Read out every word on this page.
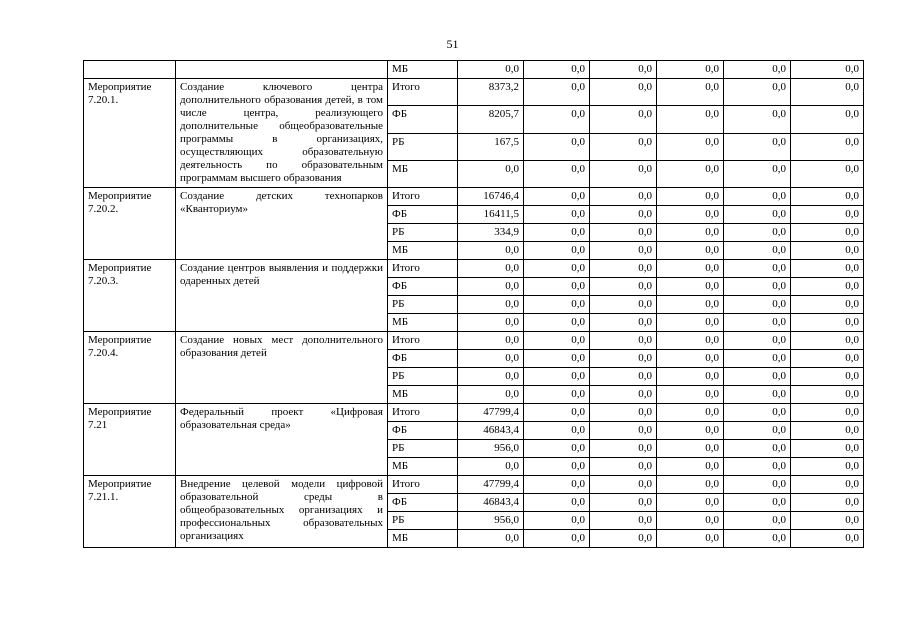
51
		МБ	0,0	0,0	0,0	0,0	0,0	0,0
Мероприятие 7.20.1.	Создание ключевого центра дополнительного образования детей, в том числе центра, реализующего дополнительные общеобразовательные программы в организациях, осуществляющих образовательную деятельность по образовательным программам высшего образования	Итого	8373,2	0,0	0,0	0,0	0,0	0,0
		ФБ	8205,7	0,0	0,0	0,0	0,0	0,0
		РБ	167,5	0,0	0,0	0,0	0,0	0,0
		МБ	0,0	0,0	0,0	0,0	0,0	0,0
Мероприятие 7.20.2.	Создание детских технопарков «Кванториум»	Итого	16746,4	0,0	0,0	0,0	0,0	0,0
		ФБ	16411,5	0,0	0,0	0,0	0,0	0,0
		РБ	334,9	0,0	0,0	0,0	0,0	0,0
		МБ	0,0	0,0	0,0	0,0	0,0	0,0
Мероприятие 7.20.3.	Создание центров выявления и поддержки одаренных детей	Итого	0,0	0,0	0,0	0,0	0,0	0,0
		ФБ	0,0	0,0	0,0	0,0	0,0	0,0
		РБ	0,0	0,0	0,0	0,0	0,0	0,0
		МБ	0,0	0,0	0,0	0,0	0,0	0,0
Мероприятие 7.20.4.	Создание новых мест дополнительного образования детей	Итого	0,0	0,0	0,0	0,0	0,0	0,0
		ФБ	0,0	0,0	0,0	0,0	0,0	0,0
		РБ	0,0	0,0	0,0	0,0	0,0	0,0
		МБ	0,0	0,0	0,0	0,0	0,0	0,0
Мероприятие 7.21	Федеральный проект «Цифровая образовательная среда»	Итого	47799,4	0,0	0,0	0,0	0,0	0,0
		ФБ	46843,4	0,0	0,0	0,0	0,0	0,0
		РБ	956,0	0,0	0,0	0,0	0,0	0,0
		МБ	0,0	0,0	0,0	0,0	0,0	0,0
Мероприятие 7.21.1.	Внедрение целевой модели цифровой образовательной среды в общеобразовательных организациях и профессиональных образовательных организациях	Итого	47799,4	0,0	0,0	0,0	0,0	0,0
		ФБ	46843,4	0,0	0,0	0,0	0,0	0,0
		РБ	956,0	0,0	0,0	0,0	0,0	0,0
		МБ	0,0	0,0	0,0	0,0	0,0	0,0
